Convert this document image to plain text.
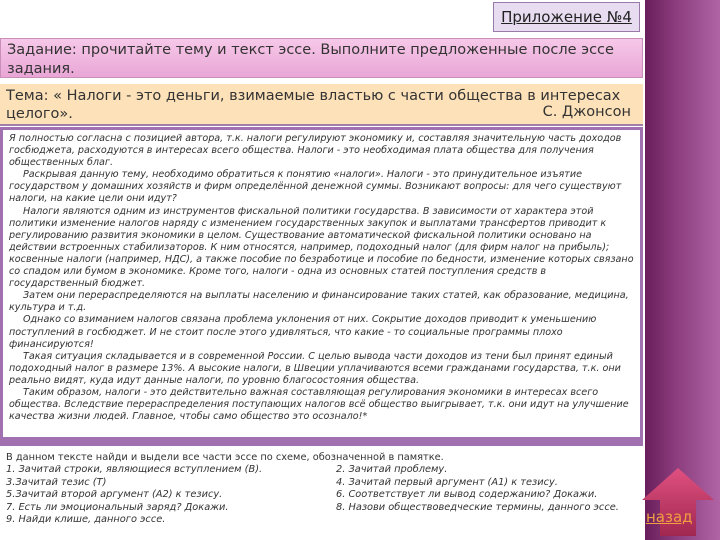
Приложение №4
Задание: прочитайте тему и текст эссе. Выполните предложенные после эссе задания.
Тема: « Налоги - это деньги, взимаемые властью с части общества в интересах целого».	С. Джонсон

Я полностью согласна с позицией автора, т.к. налоги регулируют экономику и, составляя значительную часть доходов госбюджета, расходуются в интересах всего общества. Налоги - это необходимая плата общества для получения общественных благ.

Раскрывая данную тему, необходимо обратиться к понятию «налоги». Налоги - это принудительное изъятие государством у домашних хозяйств и фирм определённой денежной суммы. Возникают вопросы: для чего существуют налоги, на какие цели они идут?

Налоги являются одним из инструментов фискальной политики государства. В зависимости от характера этой политики изменение налогов наряду с изменением государственных закупок и выплатами трансфертов приводит к регулированию развития экономики в целом. Существование автоматической фискальной политики основано на действии встроенных стабилизаторов. К ним относятся, например, подоходный налог (для фирм налог на прибыль); косвенные налоги (например, НДС), а также пособие по безработице и пособие по бедности, изменение которых связано со спадом или бумом в экономике. Кроме того, налоги - одна из основных статей поступления средств в государственный бюджет.

Затем они перераспределяются на выплаты населению и финансирование таких статей, как образование, медицина, культура и т.д.

Однако со взиманием налогов связана проблема уклонения от них. Сокрытие доходов приводит к уменьшению поступлений в госбюджет. И не стоит после этого удивляться, что какие - то социальные программы плохо финансируются!

Такая ситуация складывается и в современной России. С целью вывода части доходов из тени был принят единый подоходный налог в размере 13%. А высокие налоги, в Швеции уплачиваются всеми гражданами государства, т.к. они реально видят, куда идут данные налоги, по уровню благосостояния общества.

Таким образом, налоги - это действительно важная составляющая регулирования экономики в интересах всего общества. Вследствие перераспределения поступающих налогов всё общество выигрывает, т.к. они идут на улучшение качества жизни людей. Главное, чтобы само общество это осознало!*

В данном тексте найди и выдели все части эссе по схеме, обозначенной в памятке.
1. Зачитай строки, являющиеся вступлением (В).	2. Зачитай проблему.
3.Зачитай тезис (Т)	4. Зачитай первый аргумент (А1) к тезису.
5.Зачитай второй аргумент (А2) к тезису.	6. Соответствует ли вывод содержанию? Докажи.
7. Есть ли эмоциональный заряд? Докажи.	8. Назови обществоведческие термины, данного эссе.
9. Найди клише, данного эссе.	назад
